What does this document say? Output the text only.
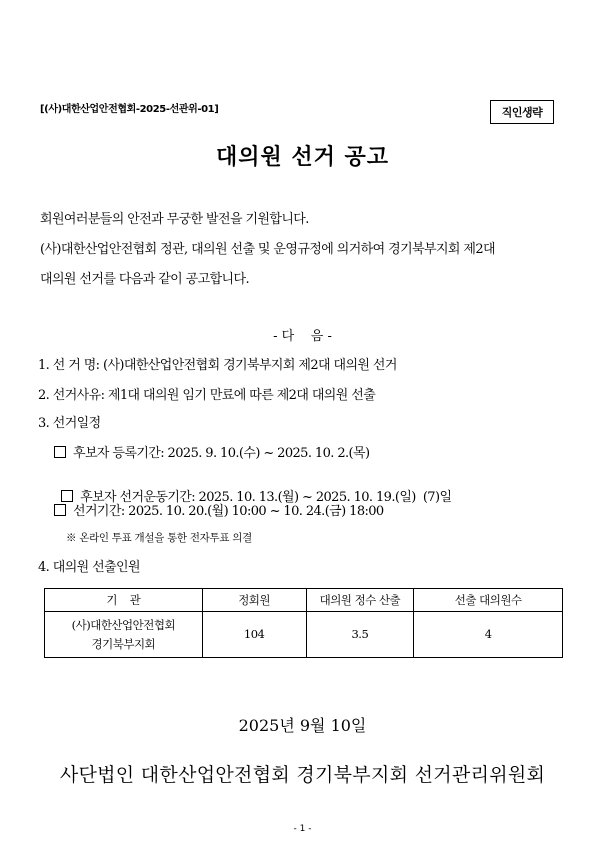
[(사)대한산업안전협회-2025-선관위-01]	직인생략
대의원 선거 공고
회원여러분들의 안전과 무궁한 발전을 기원합니다.
(사)대한산업안전협회 정관, 대의원 선출 및 운영규정에 의거하여 경기북부지회 제2대
대의원 선거를 다음과 같이 공고합니다.
- 다    음 -
1. 선 거 명: (사)대한산업안전협회 경기북부지회 제2대 대의원 선거
2. 선거사유: 제1대 대의원 임기 만료에 따른 제2대 대의원 선출
3. 선거일정
후보자 등록기간: 2025. 9. 10.(수) ~ 2025. 10. 2.(목)

후보자 선거운동기간: 2025. 10. 13.(월) ~ 2025. 10. 19.(일)  (7)일

선거기간: 2025. 10. 20.(월) 10:00 ~ 10. 24.(금) 18:00
※ 온라인 투표 개설을 통한 전자투표 의결
4. 대의원 선출인원
기    관	정회원	대의원 정수 산출	선출 대의원수

(사)대한산업안전협회
경기북부지회	104	3.5	4
2025년 9월 10일
사단법인 대한산업안전협회 경기북부지회 선거관리위원회
- 1 -
